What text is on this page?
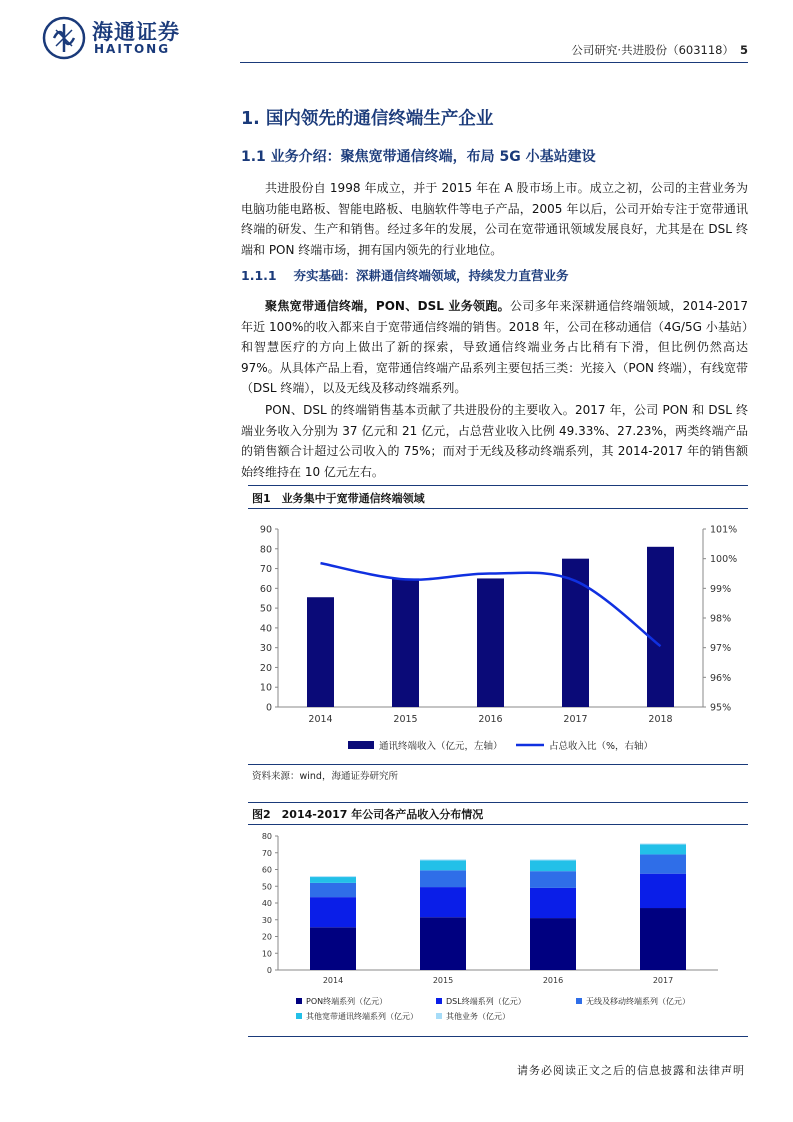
海通证券
HAITONG	公司研究·共进股份（603118） 5
1. 国内领先的通信终端生产企业
1.1 业务介绍：聚焦宽带通信终端，布局 5G 小基站建设
共进股份自 1998 年成立，并于 2015 年在 A 股市场上市。成立之初，公司的主营业务为电脑功能电路板、智能电路板、电脑软件等电子产品，2005 年以后，公司开始专注于宽带通讯终端的研发、生产和销售。经过多年的发展，公司在宽带通讯领域发展良好，尤其是在 DSL 终端和 PON 终端市场，拥有国内领先的行业地位。
1.1.1　 夯实基础：深耕通信终端领域，持续发力直营业务
聚焦宽带通信终端，PON、DSL 业务领跑。公司多年来深耕通信终端领域，2014-2017 年近 100%的收入都来自于宽带通信终端的销售。2018 年，公司在移动通信（4G/5G 小基站）和智慧医疗的方向上做出了新的探索，导致通信终端业务占比稍有下滑，但比例仍然高达 97%。从具体产品上看，宽带通信终端产品系列主要包括三类：光接入（PON 终端），有线宽带（DSL 终端），以及无线及移动终端系列。
PON、DSL 的终端销售基本贡献了共进股份的主要收入。2017 年，公司 PON 和 DSL 终端业务收入分别为 37 亿元和 21 亿元，占总营业收入比例 49.33%、27.23%，两类终端产品的销售额合计超过公司收入的 75%；而对于无线及移动终端系列，其 2014-2017 年的销售额始终维持在 10 亿元左右。
图1　业务集中于宽带通信终端领域
0
10
20
30
40
50
60
70
80
90
95%
96%
97%
98%
99%
100%
101%
2014	2015	2016	2017	2018
通讯终端收入（亿元，左轴）	占总收入比（%，右轴）
资料来源：wind，海通证券研究所
图2　2014-2017 年公司各产品收入分布情况
0
10
20
30
40
50
60
70
80
2014	2015	2016	2017
PON终端系列（亿元）	DSL终端系列（亿元）	无线及移动终端系列（亿元）
其他宽带通讯终端系列（亿元）	其他业务（亿元）
请务必阅读正文之后的信息披露和法律声明
